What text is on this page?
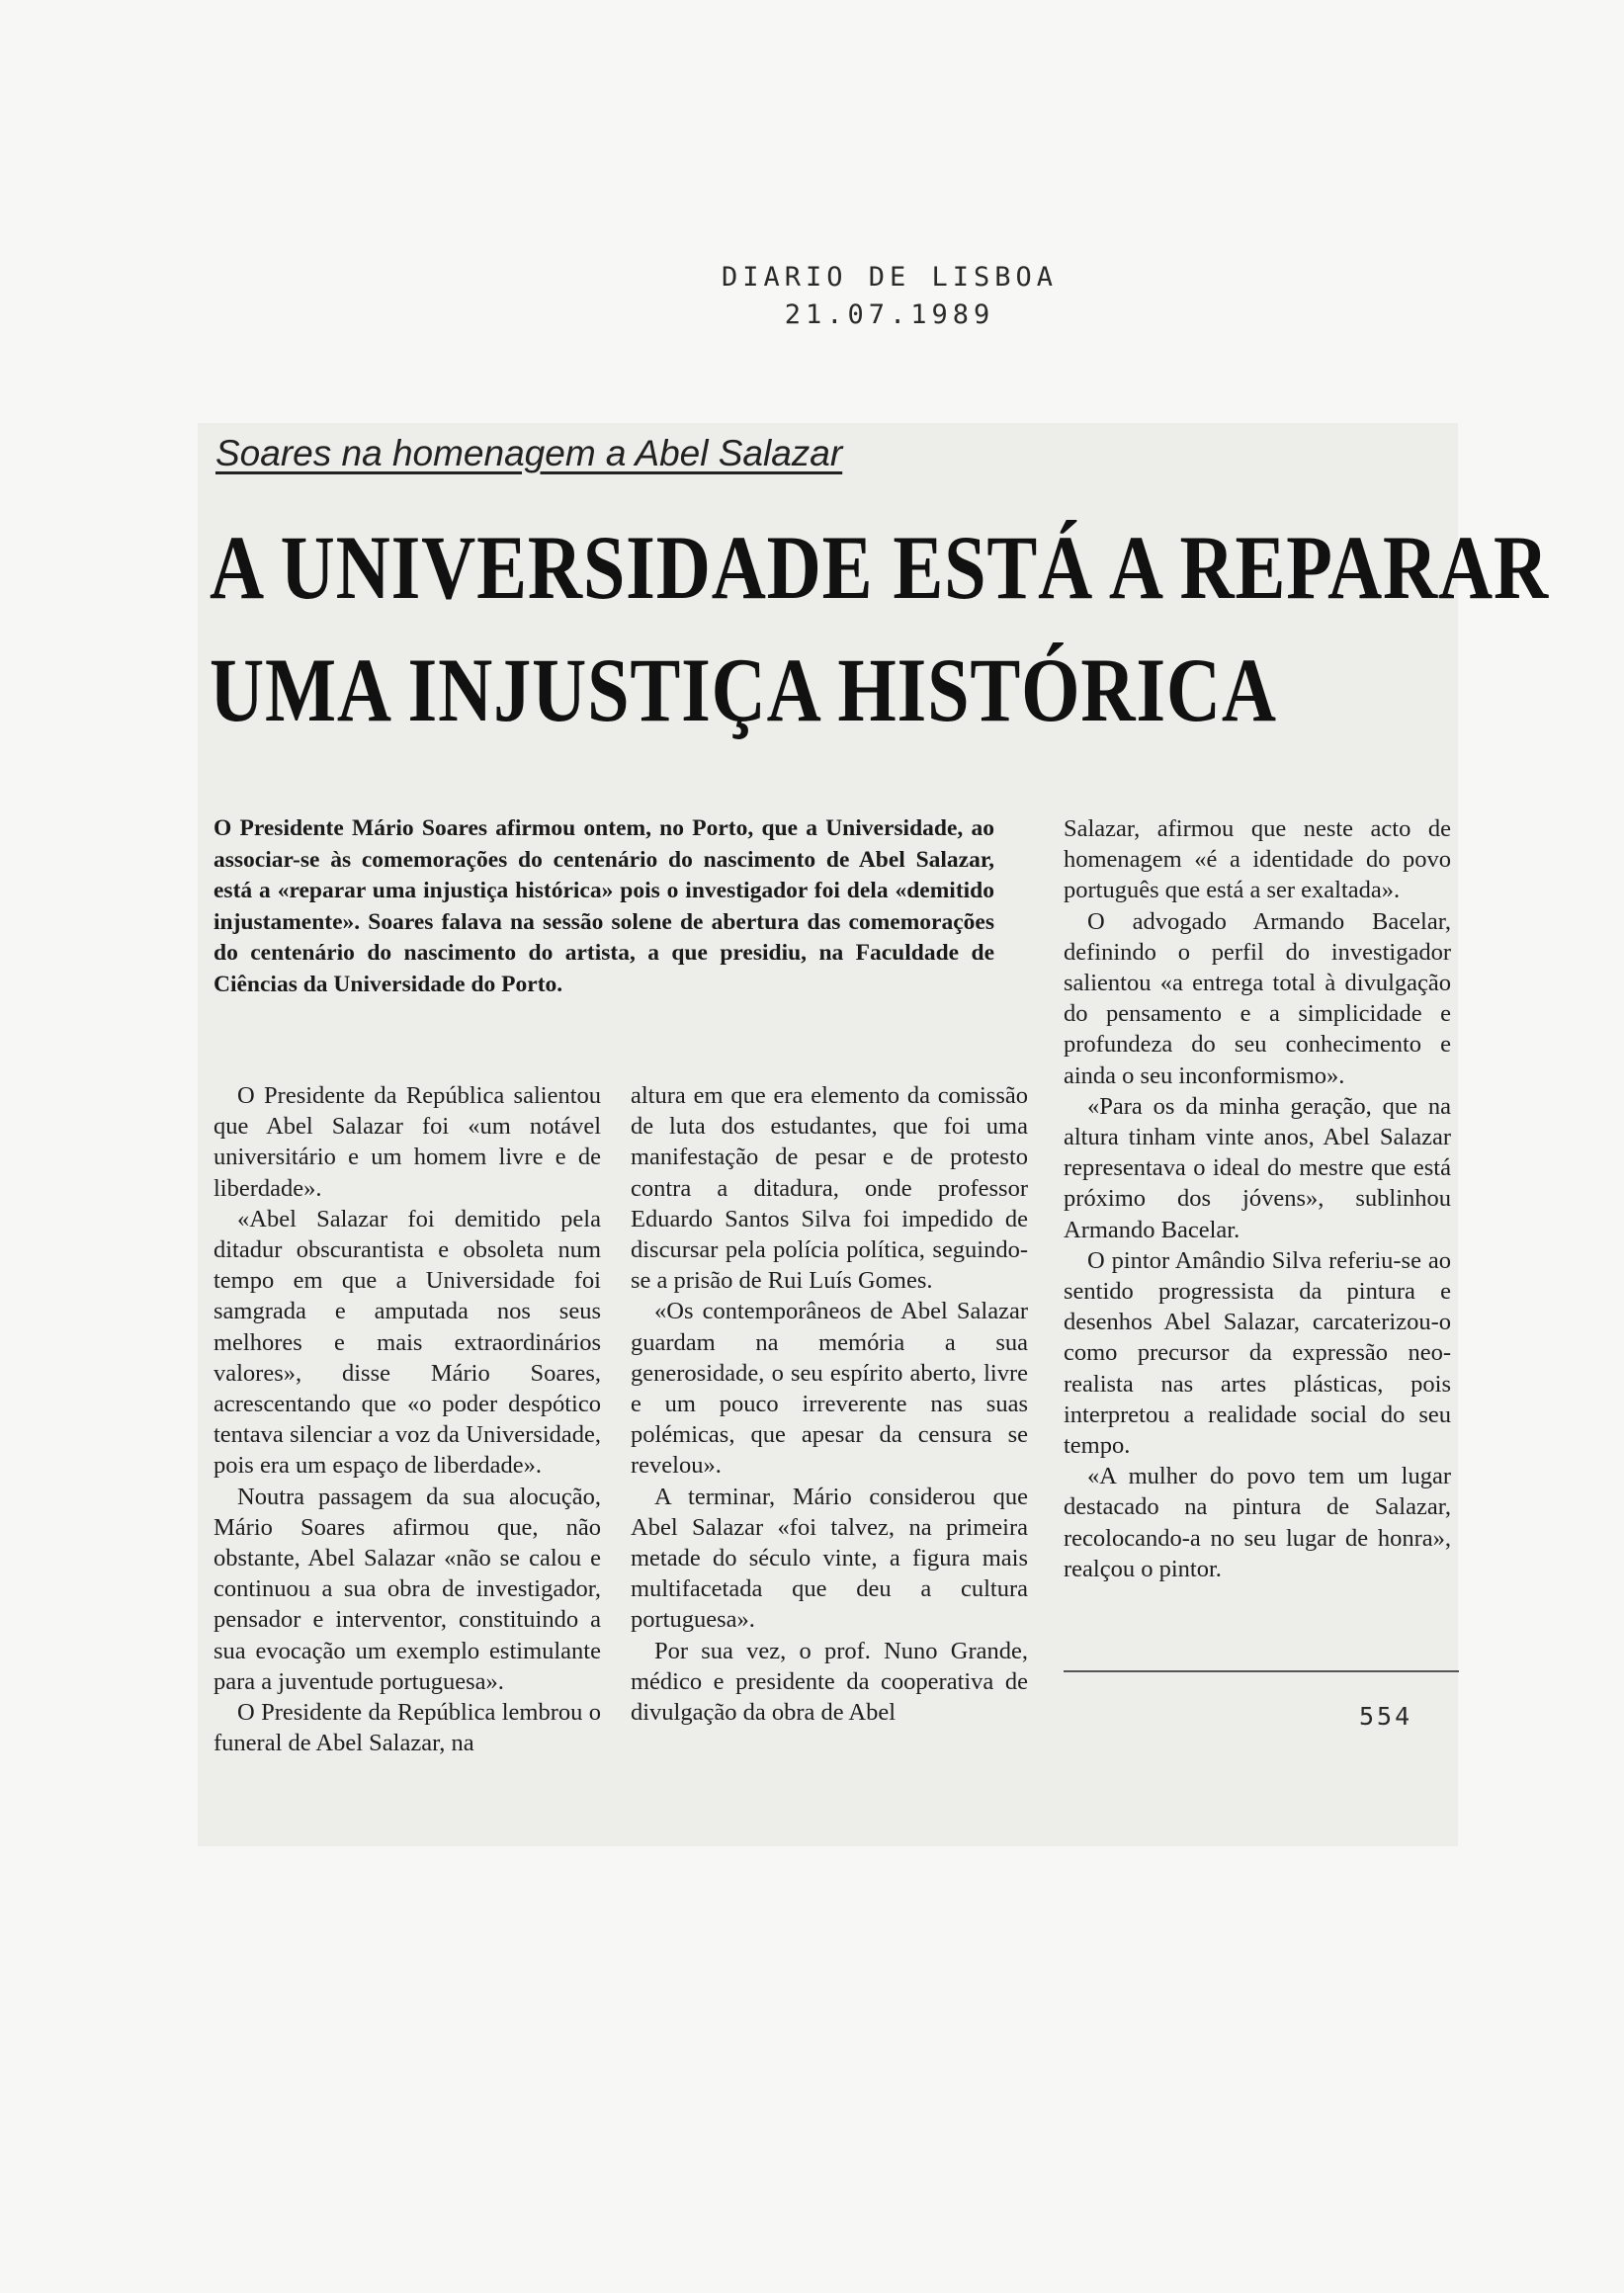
DIARIO DE LISBOA
21.07.1989
Soares na homenagem a Abel Salazar
A UNIVERSIDADE ESTÁ A REPARAR
UMA INJUSTIÇA HISTÓRICA
O Presidente Mário Soares afirmou ontem, no Porto, que a Universidade, ao associar-se às comemorações do centenário do nascimento de Abel Salazar, está a «reparar uma injustiça histórica» pois o investigador foi dela «demitido injustamente». Soares falava na sessão solene de abertura das comemorações do centenário do nascimento do artista, a que presidiu, na Faculdade de Ciências da Universidade do Porto.

O Presidente da República salientou que Abel Salazar foi «um notável universitário e um homem livre e de liberdade».

«Abel Salazar foi demitido pela ditadur obscurantista e obsoleta num tempo em que a Universidade foi samgrada e amputada nos seus melhores e mais extraordinários valores», disse Mário Soares, acrescentando que «o poder despótico tentava silenciar a voz da Universidade, pois era um espaço de liberdade».

Noutra passagem da sua alocução, Mário Soares afirmou que, não obstante, Abel Salazar «não se calou e continuou a sua obra de investigador, pensador e interventor, constituindo a sua evocação um exemplo estimulante para a juventude portuguesa».

O Presidente da República lembrou o funeral de Abel Salazar, na

altura em que era elemento da comissão de luta dos estudantes, que foi uma manifestação de pesar e de protesto contra a ditadura, onde professor Eduardo Santos Silva foi impedido de discursar pela polícia política, seguindo-se a prisão de Rui Luís Gomes.

«Os contemporâneos de Abel Salazar guardam na memória a sua generosidade, o seu espírito aberto, livre e um pouco irreverente nas suas polémicas, que apesar da censura se revelou».

A terminar, Mário considerou que Abel Salazar «foi talvez, na primeira metade do século vinte, a figura mais multifacetada que deu a cultura portuguesa».

Por sua vez, o prof. Nuno Grande, médico e presidente da cooperativa de divulgação da obra de Abel

Salazar, afirmou que neste acto de homenagem «é a identidade do povo português que está a ser exaltada».

O advogado Armando Bacelar, definindo o perfil do investigador salientou «a entrega total à divulgação do pensamento e a simplicidade e profundeza do seu conhecimento e ainda o seu inconformismo».

«Para os da minha geração, que na altura tinham vinte anos, Abel Salazar representava o ideal do mestre que está próximo dos jóvens», sublinhou Armando Bacelar.

O pintor Amândio Silva referiu-se ao sentido progressista da pintura e desenhos Abel Salazar, carcaterizou-o como precursor da expressão neo-realista nas artes plásticas, pois interpretou a realidade social do seu tempo.

«A mulher do povo tem um lugar destacado na pintura de Salazar, recolocando-a no seu lugar de honra», realçou o pintor.

554
